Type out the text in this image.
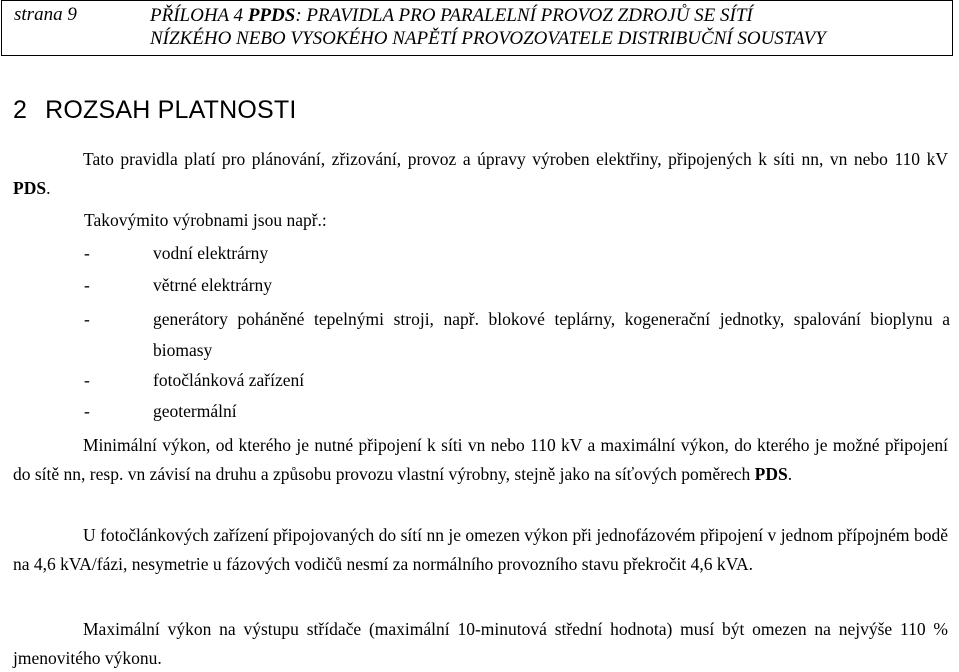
strana 9	PŘÍLOHA 4 PPDS: PRAVIDLA PRO PARALELNÍ PROVOZ ZDROJŮ SE SÍTÍ
NÍZKÉHO NEBO VYSOKÉHO NAPĚTÍ PROVOZOVATELE DISTRIBUČNÍ SOUSTAVY
2 ROZSAH PLATNOSTI
Tato pravidla platí pro plánování, zřizování, provoz a úpravy výroben elektřiny, připojených k síti nn, vn nebo 110 kV PDS.
Takovýmito výrobnami jsou např.:
-	vodní elektrárny
-	větrné elektrárny
-	generátory poháněné tepelnými stroji, např. blokové teplárny, kogenerační jednotky, spalování bioplynu a biomasy
-	fotočlánková zařízení
-	geotermální
Minimální výkon, od kterého je nutné připojení k síti vn nebo 110 kV a maximální výkon, do kterého je možné připojení do sítě nn, resp. vn závisí na druhu a způsobu provozu vlastní výrobny, stejně jako na síťových poměrech PDS.
U fotočlánkových zařízení připojovaných do sítí nn je omezen výkon při jednofázovém připojení v jednom přípojném bodě na 4,6 kVA/fázi, nesymetrie u fázových vodičů nesmí za normálního provozního stavu překročit 4,6 kVA.
Maximální výkon na výstupu střídače (maximální 10-minutová střední hodnota) musí být omezen na nejvýše 110 % jmenovitého výkonu.
